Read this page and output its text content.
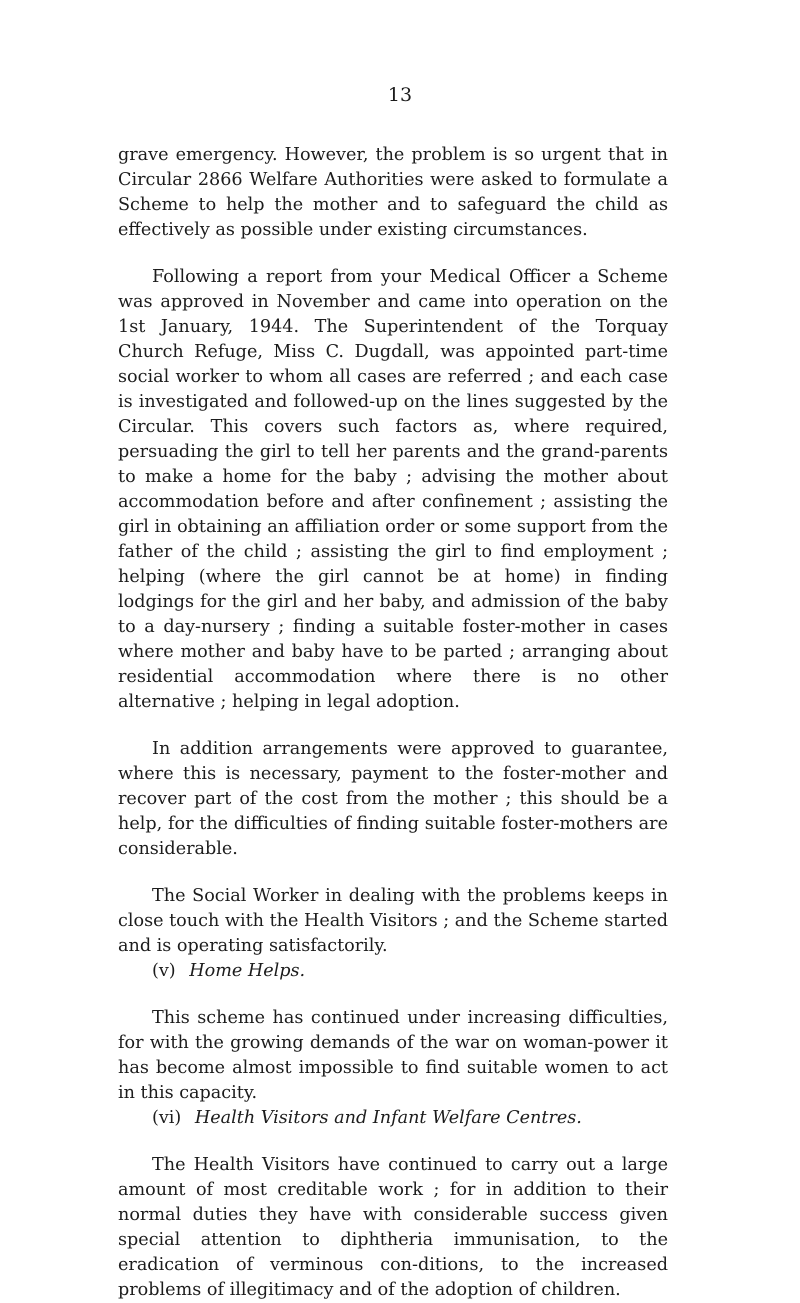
13

grave emergency. However, the problem is so urgent that in Circular 2866 Welfare Authorities were asked to formulate a Scheme to help the mother and to safeguard the child as effectively as possible under existing circumstances.

Following a report from your Medical Officer a Scheme was approved in November and came into operation on the 1st January, 1944. The Superintendent of the Torquay Church Refuge, Miss C. Dugdall, was appointed part-time social worker to whom all cases are referred ; and each case is investigated and followed-up on the lines suggested by the Circular. This covers such factors as, where required, persuading the girl to tell her parents and the grand-parents to make a home for the baby ; advising the mother about accommodation before and after confinement ; assisting the girl in obtaining an affiliation order or some support from the father of the child ; assisting the girl to find employment ; helping (where the girl cannot be at home) in finding lodgings for the girl and her baby, and admission of the baby to a day-nursery ; finding a suitable foster-mother in cases where mother and baby have to be parted ; arranging about residential accommodation where there is no other alternative ; helping in legal adoption.

In addition arrangements were approved to guarantee, where this is necessary, payment to the foster-mother and recover part of the cost from the mother ; this should be a help, for the difficulties of finding suitable foster-mothers are considerable.

The Social Worker in dealing with the problems keeps in close touch with the Health Visitors ; and the Scheme started and is operating satisfactorily.

(v) Home Helps.

This scheme has continued under increasing difficulties, for with the growing demands of the war on woman-power it has become almost impossible to find suitable women to act in this capacity.

(vi) Health Visitors and Infant Welfare Centres.

The Health Visitors have continued to carry out a large amount of most creditable work ; for in addition to their normal duties they have with considerable success given special attention to diphtheria immunisation, to the eradication of verminous con-ditions, to the increased problems of illegitimacy and of the adoption of children.
